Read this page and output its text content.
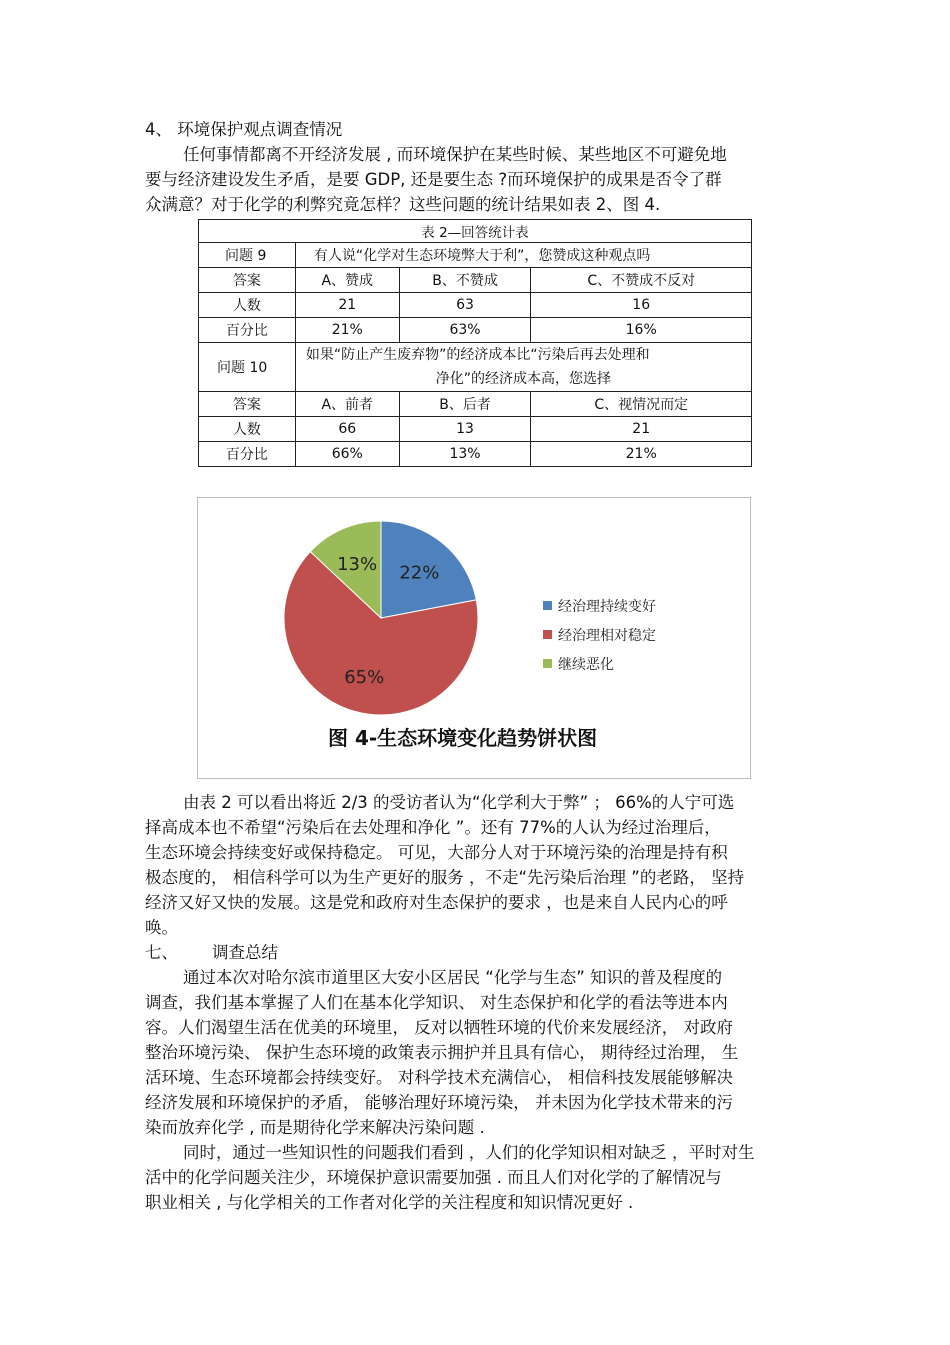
4、 环境保护观点调查情况
任何事情都离不开经济发展 , 而环境保护在某些时候、某些地区不可避免地
要与经济建设发生矛盾，是要 GDP, 还是要生态 ?而环境保护的成果是否令了群
众满意？对于化学的利弊究竟怎样？这些问题的统计结果如表 2、图 4.
表 2—回答统计表			
问题 9	有人说“化学对生态环境弊大于利”，您赞成这种观点吗		
答案	A、赞成	B、不赞成	C、不赞成不反对
人数	21	63	16
百分比	21%	63%	16%
问题 10	如果“防止产生废弃物”的经济成本比“污染后再去处理和
净化”的经济成本高，您选择		

答案	A、前者	B、后者	C、视情况而定
人数	66	13	21
百分比	66%	13%	21%
22%
65%
13%
经治理持续变好
经治理相对稳定
继续恶化
图 4-生态环境变化趋势饼状图
由表 2 可以看出将近 2/3 的受访者认为“化学利大于弊” ； 66%的人宁可选
择高成本也不希望“污染后在去处理和净化 ”。还有 77%的人认为经过治理后，
生态环境会持续变好或保持稳定。 可见，大部分人对于环境污染的治理是持有积
极态度的， 相信科学可以为生产更好的服务 ，不走“先污染后治理 ”的老路， 坚持
经济又好又快的发展。这是党和政府对生态保护的要求 ，也是来自人民内心的呼
唤。
七、 调查总结
通过本次对哈尔滨市道里区大安小区居民 “化学与生态” 知识的普及程度的
调查，我们基本掌握了人们在基本化学知识、 对生态保护和化学的看法等进本内
容。人们渴望生活在优美的环境里， 反对以牺牲环境的代价来发展经济， 对政府
整治环境污染、 保护生态环境的政策表示拥护并且具有信心， 期待经过治理， 生
活环境、生态环境都会持续变好。 对科学技术充满信心， 相信科技发展能够解决
经济发展和环境保护的矛盾， 能够治理好环境污染， 并未因为化学技术带来的污
染而放弃化学 , 而是期待化学来解决污染问题 .
同时，通过一些知识性的问题我们看到 ，人们的化学知识相对缺乏 ，平时对生
活中的化学问题关注少，环境保护意识需要加强 . 而且人们对化学的了解情况与
职业相关 , 与化学相关的工作者对化学的关注程度和知识情况更好 .
